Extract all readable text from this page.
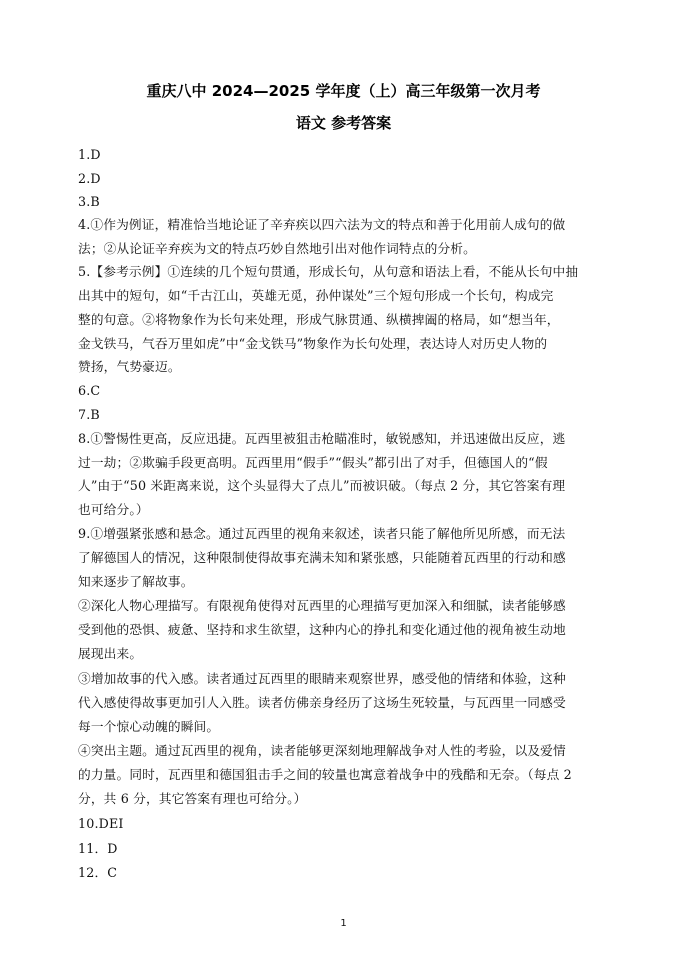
重庆八中 2024—2025 学年度（上）高三年级第一次月考
语文 参考答案
1.D
2.D
3.B
4.①作为例证，精准恰当地论证了辛弃疾以四六法为文的特点和善于化用前人成句的做
法；②从论证辛弃疾为文的特点巧妙自然地引出对他作词特点的分析。
5.【参考示例】①连续的几个短句贯通，形成长句，从句意和语法上看，不能从长句中抽
出其中的短句，如“千古江山，英雄无觅，孙仲谋处”三个短句形成一个长句，构成完
整的句意。②将物象作为长句来处理，形成气脉贯通、纵横捭阖的格局，如“想当年，
金戈铁马，气吞万里如虎”中“金戈铁马”物象作为长句处理，表达诗人对历史人物的
赞扬，气势豪迈。
6.C
7.B
8.①警惕性更高，反应迅捷。瓦西里被狙击枪瞄准时，敏锐感知，并迅速做出反应，逃
过一劫；②欺骗手段更高明。瓦西里用“假手”“假头”都引出了对手，但德国人的“假
人”由于“50 米距离来说，这个头显得大了点儿”而被识破。（每点 2 分，其它答案有理
也可给分。）
9.①增强紧张感和悬念。通过瓦西里的视角来叙述，读者只能了解他所见所感，而无法
了解德国人的情况，这种限制使得故事充满未知和紧张感，只能随着瓦西里的行动和感
知来逐步了解故事。
②深化人物心理描写。有限视角使得对瓦西里的心理描写更加深入和细腻，读者能够感
受到他的恐惧、疲惫、坚持和求生欲望，这种内心的挣扎和变化通过他的视角被生动地
展现出来。
③增加故事的代入感。读者通过瓦西里的眼睛来观察世界，感受他的情绪和体验，这种
代入感使得故事更加引人入胜。读者仿佛亲身经历了这场生死较量，与瓦西里一同感受
每一个惊心动魄的瞬间。
④突出主题。通过瓦西里的视角，读者能够更深刻地理解战争对人性的考验，以及爱情
的力量。同时，瓦西里和德国狙击手之间的较量也寓意着战争中的残酷和无奈。（每点 2
分，共 6 分，其它答案有理也可给分。）
10.DEI
11．D
12．C
1
